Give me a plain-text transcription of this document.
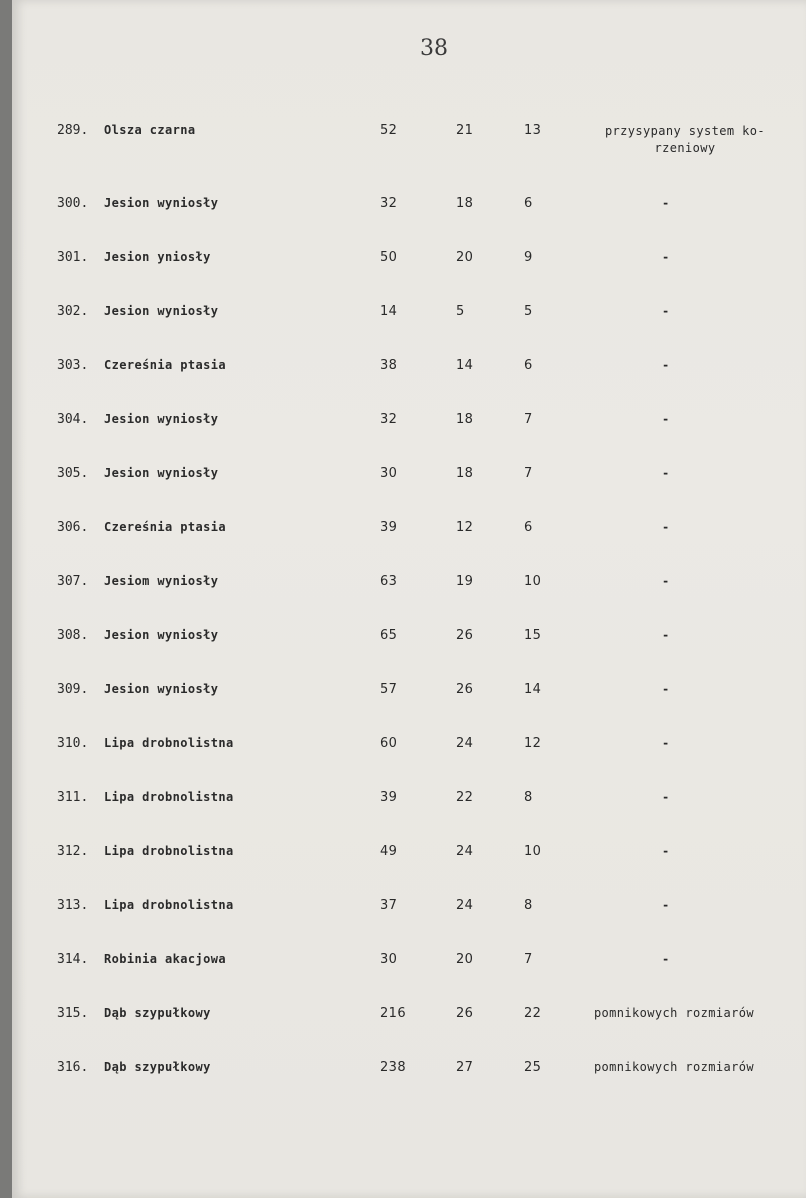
38
289. Olsza czarna	52	21	13	przysypany system ko-rzeniowy
300. Jesion wyniosły	32	18	6	-
301. Jesion yniosły	50	20	9	-
302. Jesion wyniosły	14	5	5	-
303. Czereśnia ptasia	38	14	6	-
304. Jesion wyniosły	32	18	7	-
305. Jesion wyniosły	30	18	7	-
306. Czereśnia ptasia	39	12	6	-
307. Jesiom wyniosły	63	19	10	-
308. Jesion wyniosły	65	26	15	-
309. Jesion wyniosły	57	26	14	-
310. Lipa drobnolistna	60	24	12	-
311. Lipa drobnolistna	39	22	8	-
312. Lipa drobnolistna	49	24	10	-
313. Lipa drobnolistna	37	24	8	-
314. Robinia akacjowa	30	20	7	-
315. Dąb szypułkowy	216	26	22	pomnikowych rozmiarów
316. Dąb szypułkowy	238	27	25	pomnikowych rozmiarów
